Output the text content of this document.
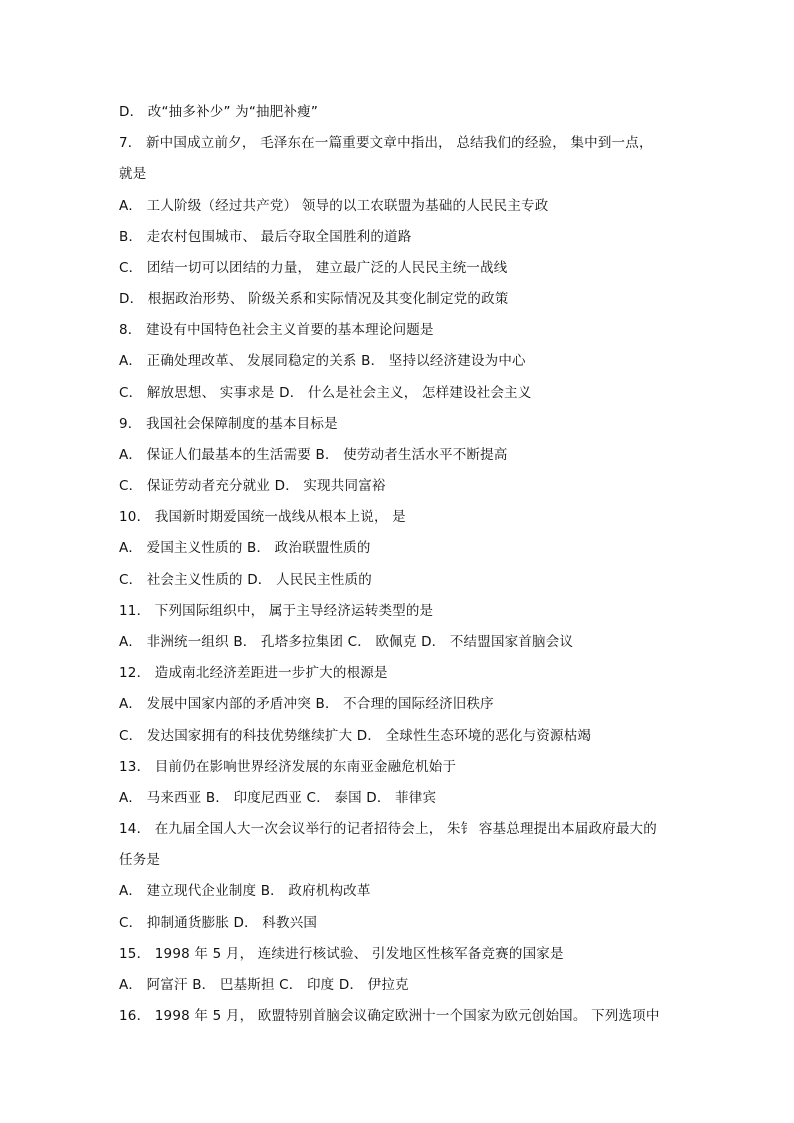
D． 改“抽多补少” 为“抽肥补瘦”
7． 新中国成立前夕， 毛泽东在一篇重要文章中指出， 总结我们的经验， 集中到一点，
就是
A． 工人阶级（经过共产党） 领导的以工农联盟为基础的人民民主专政
B． 走农村包围城市、 最后夺取全国胜利的道路
C． 团结一切可以团结的力量， 建立最广泛的人民民主统一战线
D． 根据政治形势、 阶级关系和实际情况及其变化制定党的政策
8． 建设有中国特色社会主义首要的基本理论问题是
A． 正确处理改革、 发展同稳定的关系 B． 坚持以经济建设为中心
C． 解放思想、 实事求是 D． 什么是社会主义， 怎样建设社会主义
9． 我国社会保障制度的基本目标是
A． 保证人们最基本的生活需要 B． 使劳动者生活水平不断提高
C． 保证劳动者充分就业 D． 实现共同富裕
10． 我国新时期爱国统一战线从根本上说， 是
A． 爱国主义性质的 B． 政治联盟性质的
C． 社会主义性质的 D． 人民民主性质的
11． 下列国际组织中， 属于主导经济运转类型的是
A． 非洲统一组织 B． 孔塔多拉集团 C． 欧佩克 D． 不结盟国家首脑会议
12． 造成南北经济差距进一步扩大的根源是
A． 发展中国家内部的矛盾冲突 B． 不合理的国际经济旧秩序
C． 发达国家拥有的科技优势继续扩大 D． 全球性生态环境的恶化与资源枯竭
13． 目前仍在影响世界经济发展的东南亚金融危机始于
A． 马来西亚 B． 印度尼西亚 C． 泰国 D． 菲律宾
14． 在九届全国人大一次会议举行的记者招待会上， 朱钅 容基总理提出本届政府最大的
任务是
A． 建立现代企业制度 B． 政府机构改革
C． 抑制通货膨胀 D． 科教兴国
15． 1998 年 5 月， 连续进行核试验、 引发地区性核军备竞赛的国家是
A． 阿富汗 B． 巴基斯担 C． 印度 D． 伊拉克
16． 1998 年 5 月， 欧盟特别首脑会议确定欧洲十一个国家为欧元创始国。 下列选项中
